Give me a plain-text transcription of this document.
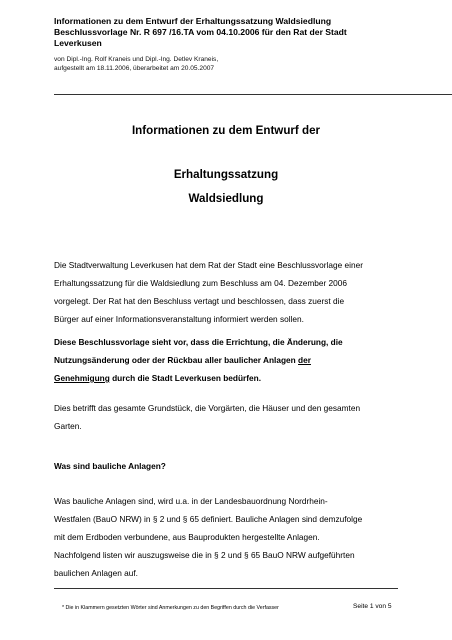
Informationen zu dem Entwurf der Erhaltungssatzung Waldsiedlung
Beschlussvorlage Nr. R 697 /16.TA vom 04.10.2006 für den Rat der Stadt
Leverkusen

von Dipl.-Ing. Rolf Kraneis und Dipl.-Ing. Detlev Kraneis,
aufgestellt am 18.11.2006, überarbeitet am 20.05.2007

Informationen zu dem Entwurf der

Erhaltungssatzung

Waldsiedlung

Die Stadtverwaltung Leverkusen hat dem Rat der Stadt eine Beschlussvorlage einer
Erhaltungssatzung für die Waldsiedlung zum Beschluss am 04. Dezember 2006
vorgelegt. Der Rat hat den Beschluss vertagt und beschlossen, dass zuerst die
Bürger auf einer Informationsveranstaltung informiert werden sollen.

Diese Beschlussvorlage sieht vor, dass die Errichtung, die Änderung, die
Nutzungsänderung oder der Rückbau aller baulicher Anlagen der
Genehmigung durch die Stadt Leverkusen bedürfen.

Dies betrifft das gesamte Grundstück, die Vorgärten, die Häuser und den gesamten
Garten.

Was sind bauliche Anlagen?

Was bauliche Anlagen sind, wird u.a. in der Landesbauordnung Nordrhein-
Westfalen (BauO NRW) in § 2 und § 65 definiert. Bauliche Anlagen sind demzufolge
mit dem Erdboden verbundene, aus Bauprodukten hergestellte Anlagen.
Nachfolgend listen wir auszugsweise die in § 2 und § 65 BauO NRW aufgeführten
baulichen Anlagen auf.

* Die in Klammern gesetzten Wörter sind Anmerkungen zu den Begriffen durch die Verfasser	Seite 1 von 5
